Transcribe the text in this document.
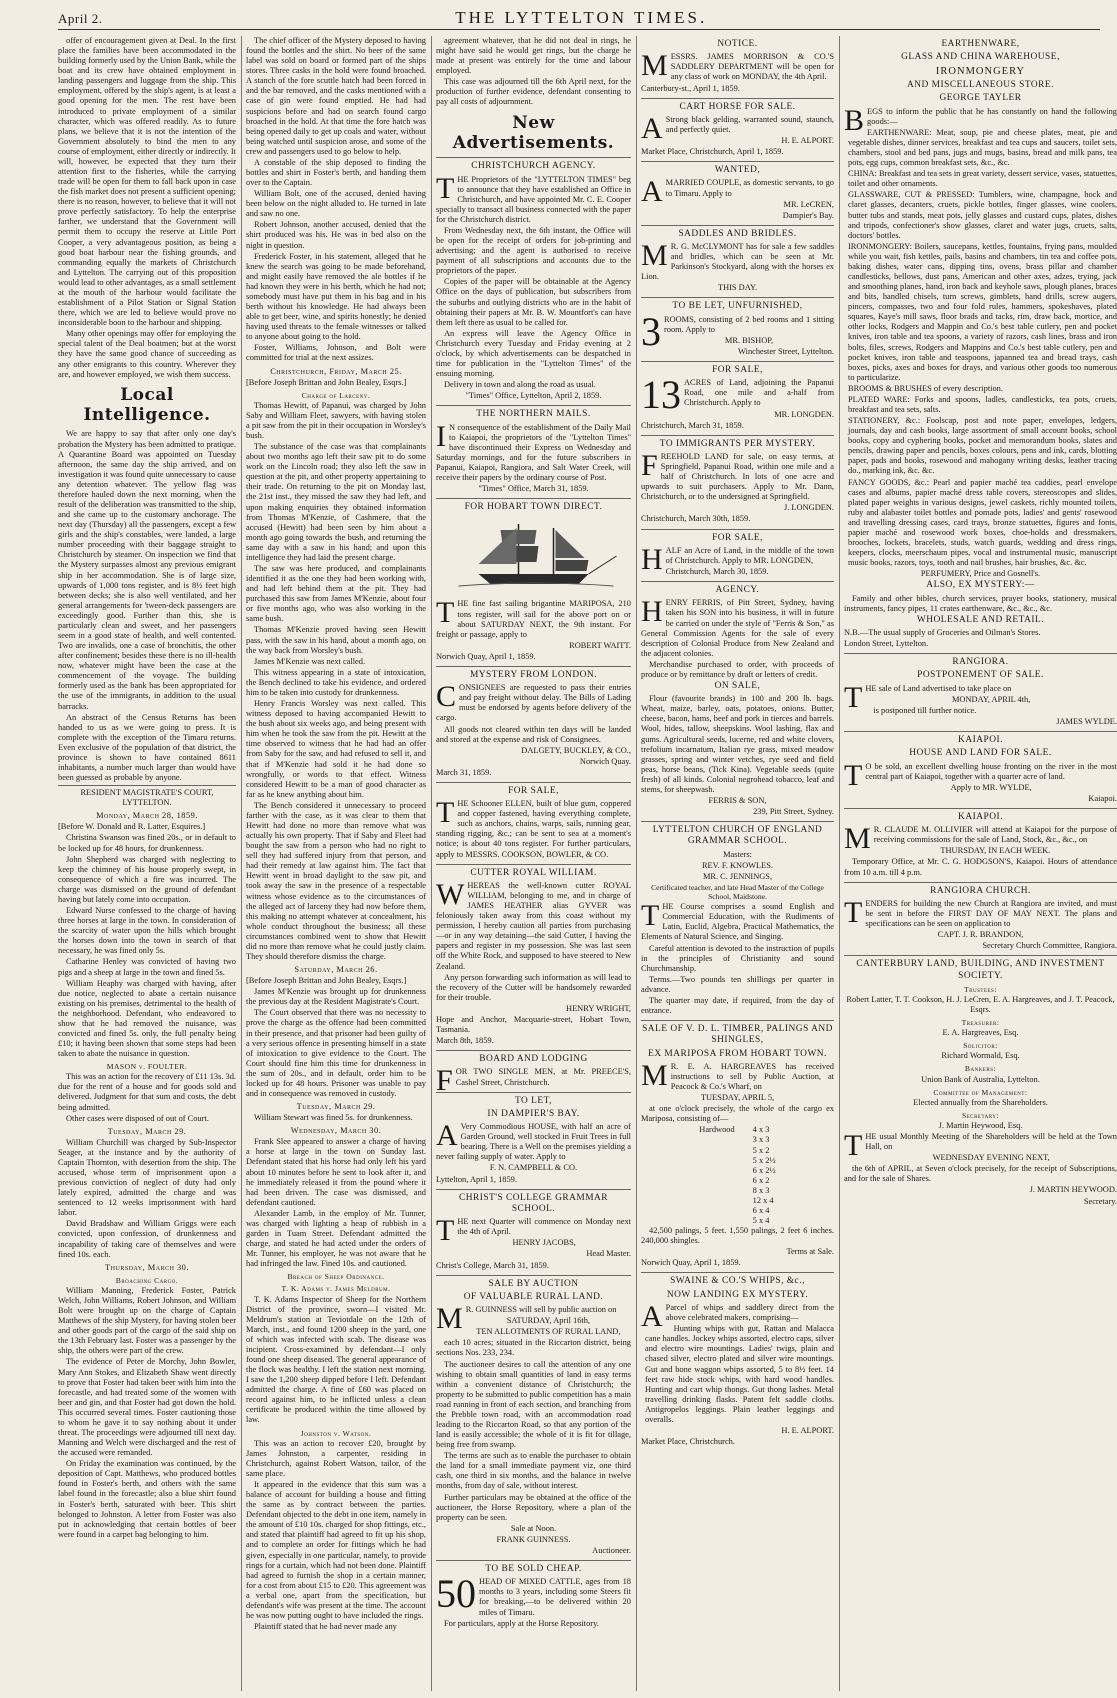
April 2.	THE LYTTELTON TIMES.

offer of encouragement given at Deal. In the first place the families have been accommodated in the building formerly used by the Union Bank, while the boat and its crew have obtained employment in landing passengers and luggage from the ship. This employment, offered by the ship's agent, is at least a good opening for the men. The rest have been introduced to private employment of a similar character, which was offered readily. As to future plans, we believe that it is not the intention of the Government absolutely to bind the men to any course of employment, either directly or indirectly. It will, however, be expected that they turn their attention first to the fisheries, while the carrying trade will be open for them to fall back upon in case the fish market does not present a sufficient opening; there is no reason, however, to believe that it will not prove perfectly satisfactory. To help the enterprise farther, we understand that the Government will permit them to occupy the reserve at Little Port Cooper, a very advantageous position, as being a good boat harbour near the fishing grounds, and commanding equally the markets of Christchurch and Lyttelton. The carrying out of this proposition would lead to other advantages, as a small settlement at the mouth of the harbour would facilitate the establishment of a Pilot Station or Signal Station there, which we are led to believe would prove no inconsiderable boon to the harbour and shipping.

Many other openings may offer for employing the special talent of the Deal boatmen; but at the worst they have the same good chance of succeeding as any other emigrants to this country. Wherever they are, and however employed, we wish them success.

Local Intelligence.

We are happy to say that after only one day's probation the Mystery has been admitted to pratique. A Quarantine Board was appointed on Tuesday afternoon, the same day the ship arrived, and on investigation it was found quite unnecessary to cause any detention whatever. The yellow flag was therefore hauled down the next morning, when the result of the deliberation was transmitted to the ship, and she came up to the customary anchorage. The next day (Thursday) all the passengers, except a few girls and the ship's constables, were landed, a large number proceeding with their baggage straight to Christchurch by steamer. On inspection we find that the Mystery surpasses almost any previous emigrant ship in her accommodation. She is of large size, upwards of 1,000 tons register, and is 8½ feet high between decks; she is also well ventilated, and her general arrangements for 'tween-deck passengers are exceedingly good. Further than this, she is particularly clean and sweet, and her passengers seem in a good state of health, and well contented. Two are invalids, one a case of bronchitis, the other after confinement; besides these there is no ill-health now, whatever might have been the case at the commencement of the voyage. The building formerly used as the bank has been appropriated for the use of the immigrants, in addition to the usual barracks.

An abstract of the Census Returns has been handed to us as we were going to press. It is complete with the exception of the Timaru returns. Even exclusive of the population of that district, the province is shown to have contained 8611 inhabitants, a number much larger than would have been guessed as probable by anyone.

RESIDENT MAGISTRATE'S COURT, LYTTELTON.
Monday, March 28, 1859.

[Before W. Donald and R. Latter, Esquires.]

Christina Swanson was fined 20s., or in default to be locked up for 48 hours, for drunkenness.

John Shepherd was charged with neglecting to keep the chimney of his house properly swept, in consequence of which a fire was incurred. The charge was dismissed on the ground of defendant having but lately come into occupation.

Edward Nurse confessed to the charge of having three horses at large in the town. In consideration of the scarcity of water upon the hills which brought the horses down into the town in search of that necessary, he was fined only 5s.

Catharine Henley was convicted of having two pigs and a sheep at large in the town and fined 5s.

William Heaphy was charged with having, after due notice, neglected to abate a certain nuisance existing on his premises, detrimental to the health of the neighborhood. Defendant, who endeavored to show that he had removed the nuisance, was convicted and fined 5s. only, the full penalty being £10; it having been shown that some steps had been taken to abate the nuisance in question.

MASON v. FOULTER.

This was an action for the recovery of £11 13s. 3d. due for the rent of a house and for goods sold and delivered. Judgment for that sum and costs, the debt being admitted.

Other cases were disposed of out of Court.

Tuesday, March 29.

William Churchill was charged by Sub-Inspector Seager, at the instance and by the authority of Captain Thornton, with desertion from the ship. The accused, whose term of imprisonment upon a previous conviction of neglect of duty had only lately expired, admitted the charge and was sentenced to 12 weeks imprisonment with hard labor.

David Bradshaw and William Griggs were each convicted, upon confession, of drunkenness and incapability of taking care of themselves and were fined 10s. each.

Thursday, March 30.
Broaching Cargo.

William Manning, Frederick Foster, Patrick Welch, John Williams, Robert Johnson, and William Bolt were brought up on the charge of Captain Matthews of the ship Mystery, for having stolen beer and other goods part of the cargo of the said ship on the 13th February last. Foster was a passenger by the ship, the others were part of the crew.

The evidence of Peter de Morchy, John Bowler, Mary Ann Stokes, and Elizabeth Shaw went directly to prove that Foster had taken beer with him into the forecastle, and had treated some of the women with beer and gin, and that Foster had got down the hold. This occurred several times. Foster cautioning those to whom he gave it to say nothing about it under threat. The proceedings were adjourned till next day. Manning and Welch were discharged and the rest of the accused were remanded.

On Friday the examination was continued, by the deposition of Capt. Matthews, who produced bottles found in Foster's berth, and others with the same label found in the forecastle; also a blue shirt found in Foster's berth, saturated with beer. This shirt belonged to Johnston. A letter from Foster was also put in acknowledging that certain bottles of beer were found in a carpet bag belonging to him.

The chief officer of the Mystery deposed to having found the bottles and the shirt. No beer of the same label was sold on board or formed part of the ships stores. Three casks in the hold were found broached. A stanch of the fore scuttle hatch had been forced in and the bar removed, and the casks mentioned with a case of gin were found emptied. He had had suspicions before and had on search found cargo broached in the hold. At that time the fore hatch was being opened daily to get up coals and water, without being watched until suspicion arose, and some of the crew and passengers used to go below to help.

A constable of the ship deposed to finding the bottles and shirt in Foster's berth, and handing them over to the Captain.

William Bolt, one of the accused, denied having been below on the night alluded to. He turned in late and saw no one.

Robert Johnson, another accused, denied that the shirt produced was his. He was in bed also on the night in question.

Frederick Foster, in his statement, alleged that he knew the search was going to be made beforehand, and might easily have removed the ale bottles if he had known they were in his berth, which he had not; somebody must have put them in his bag and in his berth without his knowledge. He had always been able to get beer, wine, and spirits honestly; he denied having used threats to the female witnesses or talked to anyone about going to the hold.

Foster, Williams, Johnson, and Bolt were committed for trial at the next assizes.

Christchurch, Friday, March 25.

[Before Joseph Brittan and John Bealey, Esqrs.]

Charge of Larceny.

Thomas Hewitt, of Papanui, was charged by John Saby and William Fleet, sawyers, with having stolen a pit saw from the pit in their occupation in Worsley's bush.

The substance of the case was that complainants about two months ago left their saw pit to do some work on the Lincoln road; they also left the saw in question at the pit, and other property appertaining to their trade. On returning to the pit on Monday last, the 21st inst., they missed the saw they had left, and upon making enquiries they obtained information from Thomas M'Kenzie, of Cashmere, that the accused (Hewitt) had been seen by him about a month ago going towards the bush, and returning the same day with a saw in his hand; and upon this intelligence they had laid the present charge.

The saw was here produced, and complainants identified it as the one they had been working with, and had left behind them at the pit. They had purchased this saw from James M'Kenzie, about four or five months ago, who was also working in the same bush.

Thomas M'Kenzie proved having seen Hewitt pass, with the saw in his hand, about a month ago, on the way back from Worsley's bush.

James M'Kenzie was next called.

This witness appearing in a state of intoxication, the Bench declined to take his evidence, and ordered him to be taken into custody for drunkenness.

Henry Francis Worsley was next called. This witness deposed to having accompanied Hewitt to the bush about six weeks ago, and being present with him when he took the saw from the pit. Hewitt at the time observed to witness that he had had an offer from Saby for the saw, and had refused to sell it, and that if M'Kenzie had sold it he had done so wrongfully, or words to that effect. Witness considered Hewitt to be a man of good character as far as he knew anything about him.

The Bench considered it unnecessary to proceed farther with the case, as it was clear to them that Hewitt had done no more than remove what was actually his own property. That if Saby and Fleet had bought the saw from a person who had no right to sell they had suffered injury from that person, and had their remedy at law against him. The fact that Hewitt went in broad daylight to the saw pit, and took away the saw in the presence of a respectable witness whose evidence as to the circumstances of the alleged act of larceny they had now before them, this making no attempt whatever at concealment, his whole conduct throughout the business; all these circumstances combined went to show that Hewitt did no more than remove what he could justly claim. They should therefore dismiss the charge.

Saturday, March 26.

[Before Joseph Brittan and John Bealey, Esqrs.]

James M'Kenzie was brought up for drunkenness the previous day at the Resident Magistrate's Court.

The Court observed that there was no necessity to prove the charge as the offence had been committed in their presence, and that prisoner had been guilty of a very serious offence in presenting himself in a state of intoxication to give evidence to the Court. The Court should fine him this time for drunkenness in the sum of 20s., and in default, order him to be locked up for 48 hours. Prisoner was unable to pay and in consequence was removed in custody.

Tuesday, March 29.

William Stewart was fined 5s. for drunkenness.

Wednesday, March 30.

Frank Slee appeared to answer a charge of having a horse at large in the town on Sunday last. Defendant stated that his horse had only left his yard about 10 minutes before he sent to look after it, and he immediately released it from the pound where it had been driven. The case was dismissed, and defendant cautioned.

Alexander Lamb, in the employ of Mr. Tunner, was charged with lighting a heap of rubbish in a garden in Tuam Street. Defendant admitted the charge, and stated he had acted under the orders of Mr. Tunner, his employer, he was not aware that he had infringed the law. Fined 10s. and cautioned.

Breach of Sheep Ordinance.
T. K. Adams v. James Meldrum.

T. K. Adams Inspector of Sheep for the Northern District of the province, sworn—I visited Mr. Meldrum's station at Teviotdale on the 12th of March, inst., and found 1200 sheep in the yard, one of which was infected with scab. The disease was incipient. Cross-examined by defendant—I only found one sheep diseased. The general appearance of the flock was healthy. I left the station next morning. I saw the 1,200 sheep dipped before I left. Defendant admitted the charge. A fine of £60 was placed on record against him, to be inflicted unless a clean certificate be produced within the time allowed by law.

Johnston v. Watson.

This was an action to recover £20, brought by James Johnston, a carpenter, residing in Christchurch, against Robert Watson, tailor, of the same place.

It appeared in the evidence that this sum was a balance of account for building a house and fitting the same as by contract between the parties. Defendant objected to the debt in one item, namely in the amount of £10 10s. charged for shop fittings, etc., and stated that plaintiff had agreed to fit up his shop, and to complete an order for fittings which he had given, especially in one particular, namely, to provide rings for a curtain, which had not been done. Plaintiff had agreed to furnish the shop in a certain manner, for a cost from about £15 to £20. This agreement was a verbal one, apart from the specification, but defendant's wife was present at the time. The account he was now putting ought to have included the rings.

Plaintiff stated that he had never made any

agreement whatever, that he did not deal in rings, he might have said he would get rings, but the charge he made at present was entirely for the time and labour employed.

This case was adjourned till the 6th April next, for the production of further evidence, defendant consenting to pay all costs of adjournment.

New Advertisements.
CHRISTCHURCH AGENCY.

THE Proprietors of the "LYTTELTON TIMES" beg to announce that they have established an Office in Christchurch, and have appointed Mr. C. E. Cooper specially to transact all business connected with the paper for the Christchurch district.

From Wednesday next, the 6th instant, the Office will be open for the receipt of orders for job-printing and advertising; and the agent is authorised to receive payment of all subscriptions and accounts due to the proprietors of the paper.

Copies of the paper will be obtainable at the Agency Office on the days of publication, but subscribers from the suburbs and outlying districts who are in the habit of obtaining their papers at Mr. B. W. Mountfort's can have them left there as usual to be called for.

An express will leave the Agency Office in Christchurch every Tuesday and Friday evening at 2 o'clock, by which advertisements can be despatched in time for publication in the "Lyttelton Times" of the ensuing morning.

Delivery in town and along the road as usual.

"Times" Office, Lyttelton, April 2, 1859.

THE NORTHERN MAILS.

I N consequence of the establishment of the Daily Mail to Kaiapoi, the proprietors of the "Lyttelton Times" have discontinued their Express on Wednesday and Saturday mornings, and for the future subscribers in Papanui, Kaiapoi, Rangiora, and Salt Water Creek, will receive their papers by the ordinary course of Post.

"Times" Office, March 31, 1859.

FOR HOBART TOWN DIRECT.

THE fine fast sailing brigantine MARIPOSA, 210 tons register, will sail for the above port on or about SATURDAY NEXT, the 9th instant. For freight or passage, apply to

ROBERT WAITT.

Norwich Quay, April 1, 1859.

MYSTERY FROM LONDON.

CONSIGNEES are requested to pass their entries and pay freight without delay. The Bills of Lading must be endorsed by agents before delivery of the cargo.

All goods not cleared within ten days will be landed and stored at the expense and risk of Consignees.

DALGETY, BUCKLEY, & CO.,

Norwich Quay.

March 31, 1859.

FOR SALE,

THE Schooner ELLEN, built of blue gum, coppered and copper fastened, having everything complete, such as anchors, chains, warps, sails, running gear, standing rigging, &c.; can be sent to sea at a moment's notice; is about 40 tons register. For further particulars, apply to MESSRS. COOKSON, BOWLER, & CO.

CUTTER ROYAL WILLIAM.

WHEREAS the well-known cutter ROYAL WILLIAM, belonging to me, and in charge of JAMES HEATHER alias GYVER was feloniously taken away from this coast without my permission, I hereby caution all parties from purchasing—or in any way detaining—the said Cutter, I having the papers and register in my possession. She was last seen off the White Rock, and supposed to have steered to New Zealand.

Any person forwarding such information as will lead to the recovery of the Cutter will be handsomely rewarded for their trouble.

HENRY WRIGHT,

Hope and Anchor, Macquarie-street, Hobart Town, Tasmania.

March 8th, 1859.

BOARD AND LODGING

FOR TWO SINGLE MEN, at Mr. PREECE'S, Cashel Street, Christchurch.

TO LET,
IN DAMPIER'S BAY.

A Very Commodious HOUSE, with half an acre of Garden Ground, well stocked in Fruit Trees in full bearing. There is a Well on the premises yielding a never failing supply of water. Apply to

F. N. CAMPBELL & CO.

Lyttelton, April 1, 1859.

CHRIST'S COLLEGE GRAMMAR SCHOOL.

THE next Quarter will commence on Monday next the 4th of April.

HENRY JACOBS,

Head Master.

Christ's College, March 31, 1859.

SALE BY AUCTION
OF VALUABLE RURAL LAND.

M R. GUINNESS will sell by public auction on

SATURDAY, April 16th,

TEN ALLOTMENTS OF RURAL LAND,

each 10 acres; situated in the Riccarton district, being sections Nos. 233, 234.

The auctioneer desires to call the attention of any one wishing to obtain small quantities of land in easy terms within a convenient distance of Christchurch; the property to be submitted to public competition has a main road running in front of each section, and branching from the Prebble town road, with an accommodation road leading to the Riccarton Road, so that any portion of the land is easily accessible; the whole of it is fit for tillage, being free from swamp.

The terms are such as to enable the purchaser to obtain the land for a small immediate payment viz, one third cash, one third in six months, and the balance in twelve months, from day of sale, without interest.

Further particulars may be obtained at the office of the auctioneer, the Horse Repository, where a plan of the property can be seen.

Sale at Noon.

FRANK GUINNESS.

Auctioneer.

TO BE SOLD CHEAP.

50 HEAD OF MIXED CATTLE, ages from 18 months to 3 years, including some Steers fit for breaking,—to be delivered within 20 miles of Timaru.

For particulars, apply at the Horse Repository.

NOTICE.

MESSRS. JAMES MORRISON & CO.'S SADDLERY DEPARTMENT will be open for any class of work on MONDAY, the 4th April.

Canterbury-st., April 1, 1859.

CART HORSE FOR SALE.

A Strong black gelding, warranted sound, staunch, and perfectly quiet.

H. E. ALPORT.

Market Place, Christchurch, April 1, 1859.

WANTED,

AMARRIED COUPLE, as domestic servants, to go to Timaru. Apply to

MR. LeCREN,

Dampier's Bay.

SADDLES AND BRIDLES.

M R. G. McCLYMONT has for sale a few saddles and bridles, which can be seen at Mr. Parkinson's Stockyard, along with the horses ex Lion.

THIS DAY.

TO BE LET, UNFURNISHED,

3 ROOMS, consisting of 2 bed rooms and 1 sitting room. Apply to

MR. BISHOP,

Winchester Street, Lyttelton.

FOR SALE,

13 ACRES of Land, adjoining the Papanui Road, one mile and a-half from Christchurch. Apply to

MR. LONGDEN.

Christchurch, March 31, 1859.

TO IMMIGRANTS PER MYSTERY.

FREEHOLD LAND for sale, on easy terms, at Springfield, Papanui Road, within one mile and a half of Christchurch. In lots of one acre and upwards to suit purchasers. Apply to Mr. Dann, Christchurch, or to the undersigned at Springfield.

J. LONGDEN.

Christchurch, March 30th, 1859.

FOR SALE,

HALF an Acre of Land, in the middle of the town of Christchurch. Apply to MR. LONGDEN,

Christchurch, March 30, 1859.

AGENCY.

HENRY FERRIS, of Pitt Street, Sydney, having taken his SON into his business, it will in future be carried on under the style of "Ferris & Son," as General Commission Agents for the sale of every description of Colonial Produce from New Zealand and the adjacent colonies.

Merchandise purchased to order, with proceeds of produce or by remittance by draft or letters of credit.

ON SALE,

Flour (favourite brands) in 100 and 200 lb. bags. Wheat, maize, barley, oats, potatoes, onions. Butter, cheese, bacon, hams, beef and pork in tierces and barrels. Wool, hides, tallow, sheepskins. Wool lashing, flax and gums. Agricultural seeds, lucerne, red and white clovers, trefolium incarnatum, Italian rye grass, mixed meadow grasses, spring and winter vetches, rye seed and field peas, horse beans, (Tick Kina). Vegetable seeds (quite fresh) of all kinds. Colonial negrohead tobacco, leaf and stems, for sheepwash.

FERRIS & SON,

239, Pitt Street, Sydney.

LYTTELTON CHURCH OF ENGLAND GRAMMAR SCHOOL.

Masters:

REV. F. KNOWLES.

MR. C. JENNINGS,

Certificated teacher, and late Head Master of the College School, Maidstone.

THE Course comprises a sound English and Commercial Education, with the Rudiments of Latin, Euclid, Algebra, Practical Mathematics, the Elements of Natural Science, and Singing.

Careful attention is devoted to the instruction of pupils in the principles of Christianity and sound Churchmanship.

Terms.—Two pounds ten shillings per quarter in advance.

The quarter may date, if required, from the day of entrance.

SALE OF V. D. L. TIMBER, PALINGS AND SHINGLES,
EX MARIPOSA FROM HOBART TOWN.

M R. E. A. HARGREAVES has received instructions to sell by Public Auction, at Peacock & Co.'s Wharf, on

TUESDAY, APRIL 5,

at one o'clock precisely, the whole of the cargo ex Mariposa, consisting of—

Hardwood 4 x 3
3 x 3
5 x 2
5 x 2½
6 x 2½
6 x 2
8 x 3
12 x 4
6 x 4
5 x 4

42,500 palings, 5 feet. 1,550 palings, 2 feet 6 inches. 240,000 shingles.

Terms at Sale.

Norwich Quay, April 1, 1859.

SWAINE & CO.'S WHIPS, &c.,
NOW LANDING EX MYSTERY.

A Parcel of whips and saddlery direct from the above celebrated makers, comprising—

Hunting whips with gut, Rattan and Malacca cane handles. Jockey whips assorted, electro caps, silver and electro wire mountings. Ladies' twigs, plain and chased silver, electro plated and silver wire mountings. Gut and bone waggon whips assorted, 5 to 8½ feet. 14 feet raw hide stock whips, with hard wood handles. Hunting and cart whip thongs. Gut thong lashes. Metal travelling drinking flasks. Patent felt saddle cloths. Antigropelos leggings. Plain leather leggings and overalls.

H. E. ALPORT.

Market Place, Christchurch.

EARTHENWARE,
GLASS AND CHINA WAREHOUSE,
IRONMONGERY
AND MISCELLANEOUS STORE.
GEORGE TAYLER

BEGS to inform the public that he has constantly on hand the following goods:—

EARTHENWARE: Meat, soup, pie and cheese plates, meat, pie and vegetable dishes, dinner services, breakfast and tea cups and saucers, toilet sets, chambers, stool and bed pans, jugs and mugs, basins, bread and milk pans, tea pots, egg cups, common breakfast sets, &c., &c.

CHINA: Breakfast and tea sets in great variety, dessert service, vases, statuettes, toilet and other ornaments.

GLASSWARE, CUT & PRESSED: Tumblers, wine, champagne, hock and claret glasses, decanters, cruets, pickle bottles, finger glasses, wine coolers, butter tubs and stands, meat pots, jelly glasses and custard cups, plates, dishes and tripods, confectioner's show glasses, claret and water jugs, cruets, salts, doctors' bottles.

IRONMONGERY: Boilers, saucepans, kettles, fountains, frying pans, moulded while you wait, fish kettles, pails, basins and chambers, tin tea and coffee pots, baking dishes, water cans, dipping tins, ovens, brass pillar and chamber candlesticks, bellows, dust pans, American and other axes, adzes, trying, jack and smoothing planes, hand, iron back and keyhole saws, plough planes, braces and bits, handled chisels, turn screws, gimblets, hand drills, screw augers, pincers, compasses, two and four fold rules, hammers, spokeshaves, plated squares, Kaye's mill saws, floor brads and tacks, rim, draw back, mortice, and other locks, Rodgers and Mappin and Co.'s best table cutlery, pen and pocket knives, iron table and tea spoons, a variety of razors, cash lines, brass and iron bolts, files, screws, Rodgers and Mappins and Co.'s best table cutlery, pen and pocket knives, iron table and teaspoons, japanned tea and bread trays, cash boxes, picks, axes and boxes for drays, and various other goods too numerous to particularize.

BROOMS & BRUSHES of every description.

PLATED WARE: Forks and spoons, ladles, candlesticks, tea pots, cruets, breakfast and tea sets, salts.

STATIONERY, &c.: Foolscap, post and note paper, envelopes, ledgers, journals, day and cash books, large assortment of small account books, school books, copy and cyphering books, pocket and memorandum books, slates and pencils, drawing paper and pencils, boxes colours, pens and ink, cards, blotting paper, pads and books, rosewood and mahogany writing desks, leather tracing do., marking ink, &c. &c.

FANCY GOODS, &c.: Pearl and papier maché tea caddies, pearl envelope cases and albums, papier maché dress table covers, stereoscopes and slides, plated paper weights in various designs, jewel caskets, richly mounted toilets, ruby and alabaster toilet bottles and pomade pots, ladies' and gents' rosewood and travelling dressing cases, card trays, bronze statuettes, figures and fonts, papier maché and rosewood work boxes, choe-holds and dressmakers, brooches, lockets, bracelets, studs, watch guards, wedding and dress rings, keepers, clocks, meerschaum pipes, vocal and instrumental music, manuscript music books, razors, toys, tooth and nail brushes, hair brushes, &c. &c.

PERFUMERY, Price and Gosnell's.

ALSO, EX MYSTERY:—

Family and other bibles, church services, prayer books, stationery, musical instruments, fancy pipes, 11 crates earthenware, &c., &c., &c.

WHOLESALE AND RETAIL.

N.B.—The usual supply of Groceries and Oilman's Stores.

London Street, Lyttelton.

RANGIORA.
POSTPONEMENT OF SALE.

THE sale of Land advertised to take place on

MONDAY, APRIL 4th,

is postponed till further notice.

JAMES WYLDE.

KAIAPOI.
HOUSE AND LAND FOR SALE.

T O be sold, an excellent dwelling house fronting on the river in the most central part of Kaiapoi, together with a quarter acre of land.

Apply to MR. WYLDE,

Kaiapoi.

KAIAPOI.

M R. CLAUDE M. OLLIVIER will attend at Kaiapoi for the purpose of receiving commissions for the sale of Land, Stock, &c., &c., on

THURSDAY, IN EACH WEEK.

Temporary Office, at Mr. C. G. HODGSON'S, Kaiapoi. Hours of attendance from 10 a.m. till 4 p.m.

RANGIORA CHURCH.

TENDERS for building the new Church at Rangiora are invited, and must be sent in before the FIRST DAY OF MAY NEXT. The plans and specifications can be seen on application to

CAPT. J. R. BRANDON,

Secretary Church Committee, Rangiora.

CANTERBURY LAND, BUILDING, AND INVESTMENT SOCIETY.

Trustees:

Robert Latter, T. T. Cookson, H. J. LeCren, E. A. Hargreaves, and J. T. Peacock, Esqrs.

Treasurer:

E. A. Hargreaves, Esq.

Solicitor:

Richard Wormald, Esq.

Bankers:

Union Bank of Australia, Lyttelton.

Committee of Management:

Elected annually from the Shareholders.

Secretary:

J. Martin Heywood, Esq.

THE usual Monthly Meeting of the Shareholders will be held at the Town Hall, on

WEDNESDAY EVENING NEXT,

the 6th of APRIL, at Seven o'clock precisely, for the receipt of Subscriptions, and for the sale of Shares.

J. MARTIN HEYWOOD.

Secretary.
